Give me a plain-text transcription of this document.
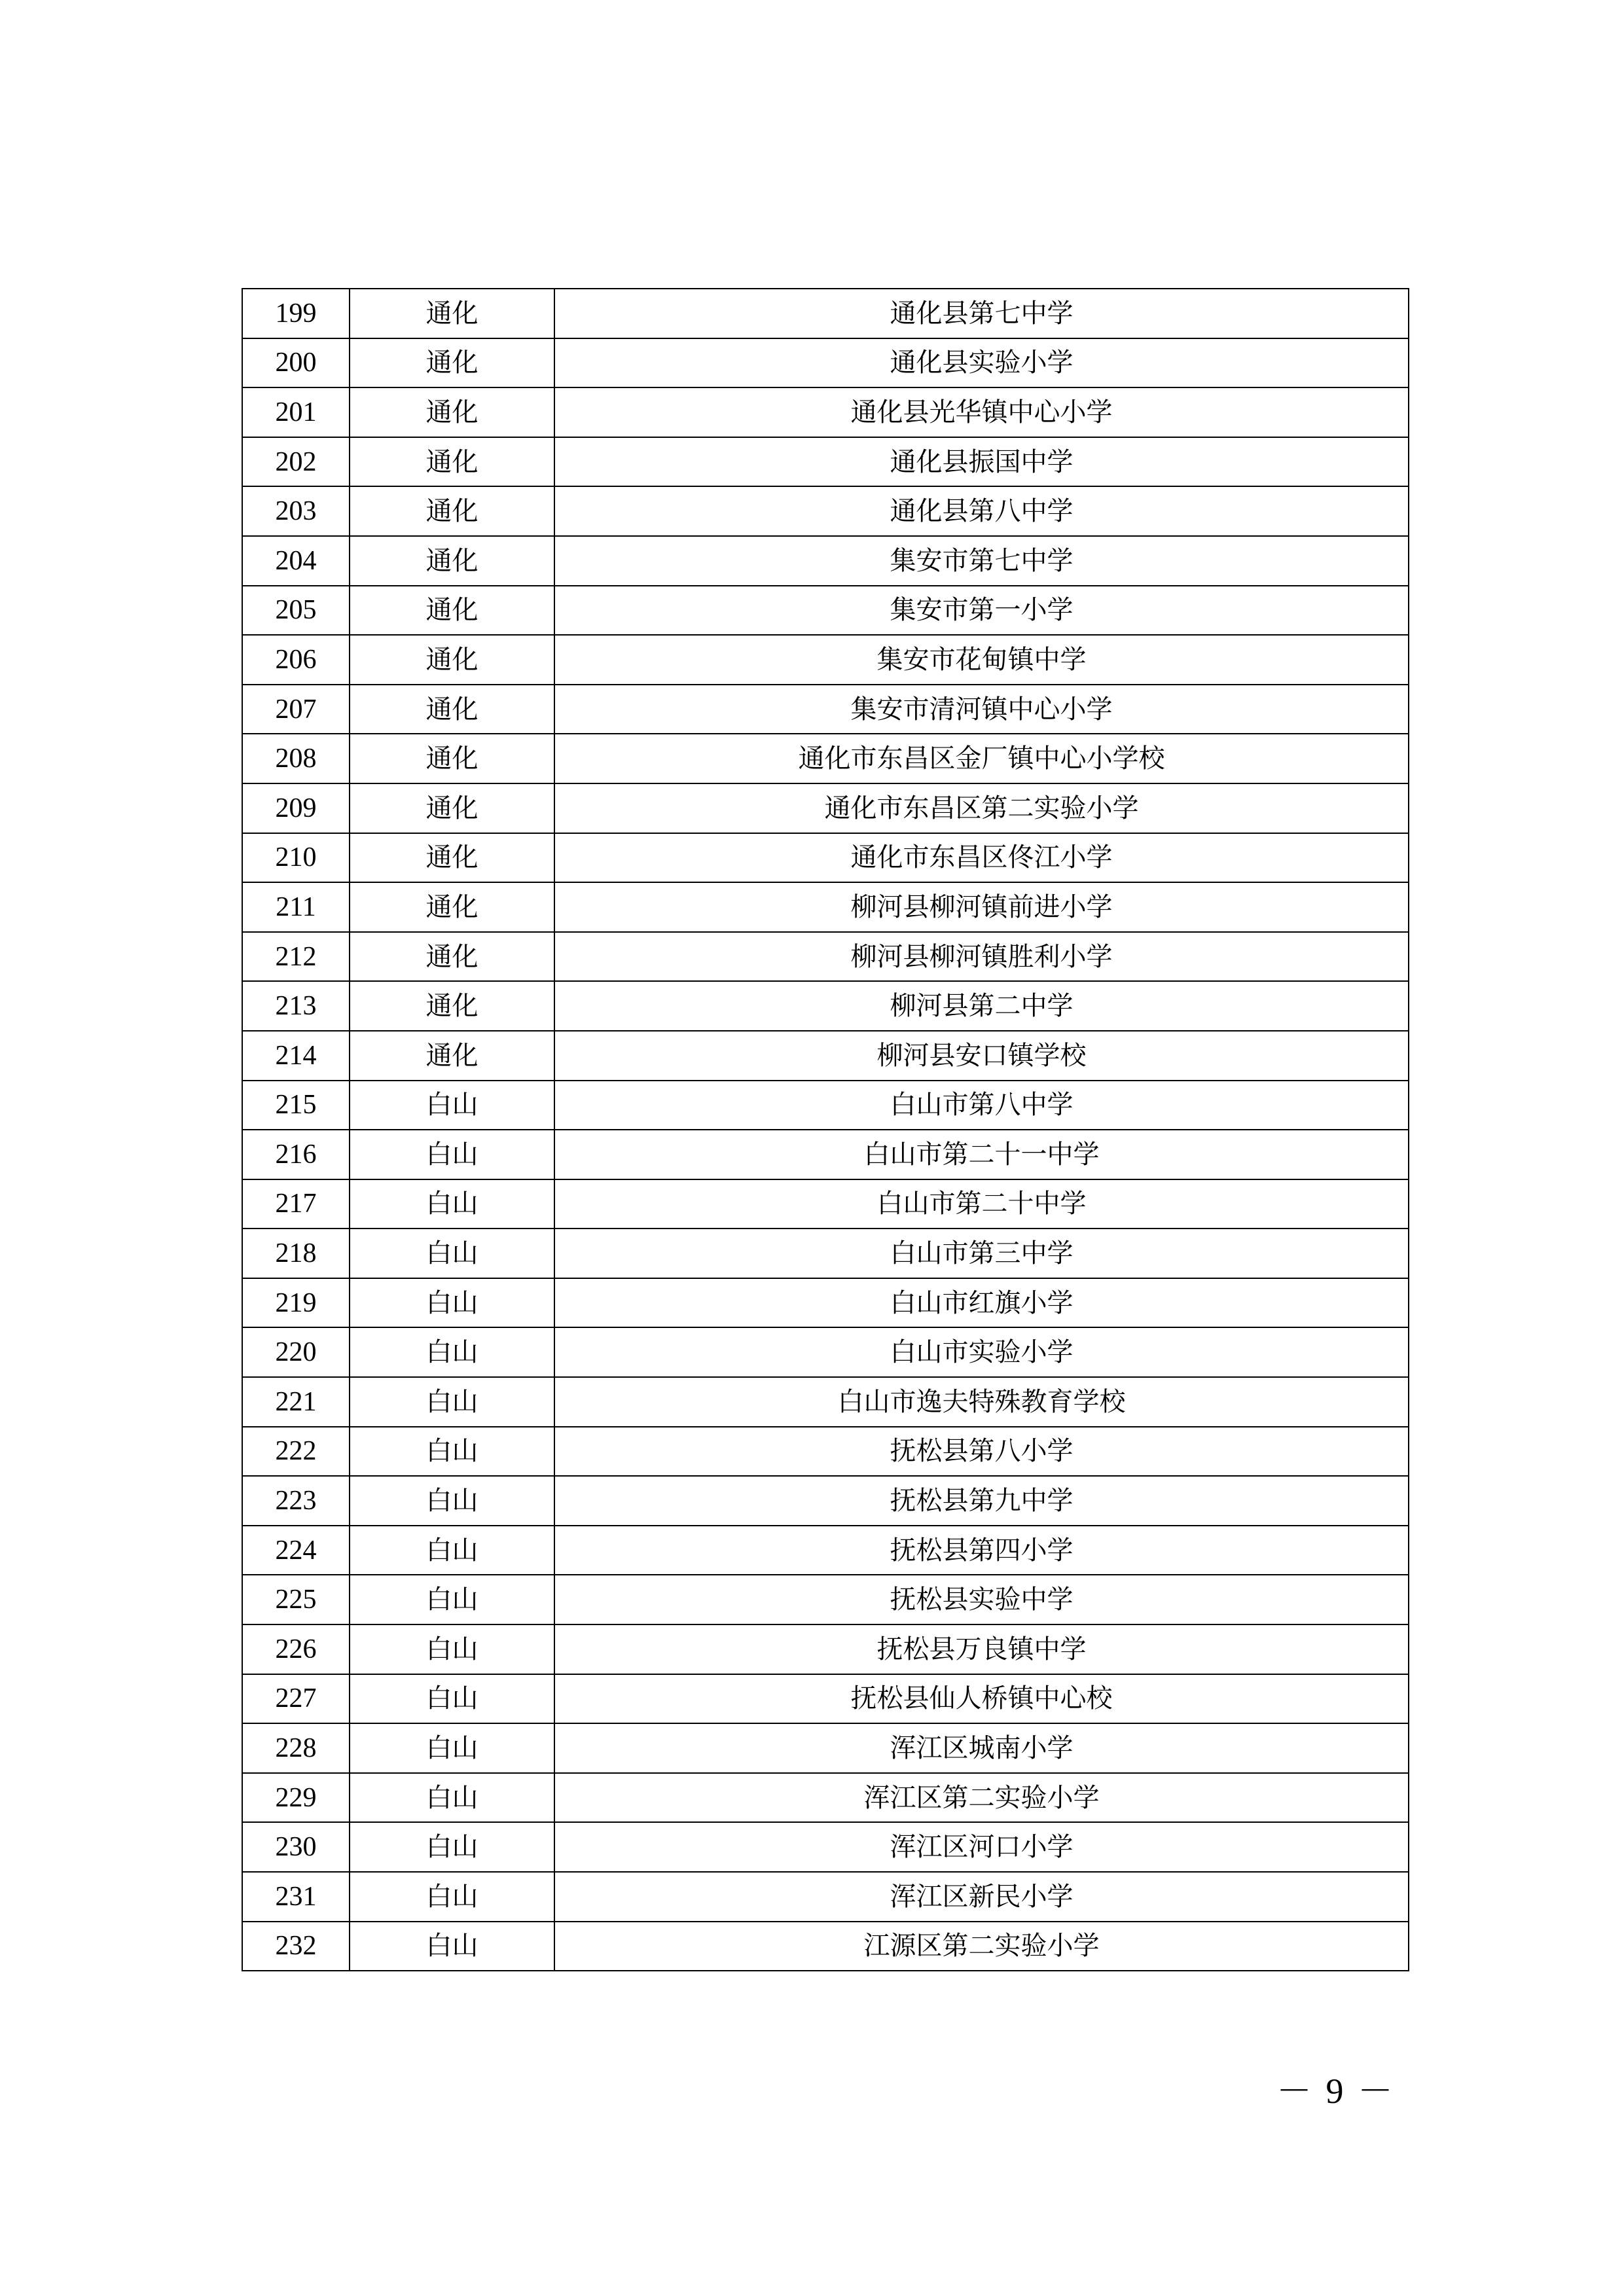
199	通化	通化县第七中学
200	通化	通化县实验小学
201	通化	通化县光华镇中心小学
202	通化	通化县振国中学
203	通化	通化县第八中学
204	通化	集安市第七中学
205	通化	集安市第一小学
206	通化	集安市花甸镇中学
207	通化	集安市清河镇中心小学
208	通化	通化市东昌区金厂镇中心小学校
209	通化	通化市东昌区第二实验小学
210	通化	通化市东昌区佟江小学
211	通化	柳河县柳河镇前进小学
212	通化	柳河县柳河镇胜利小学
213	通化	柳河县第二中学
214	通化	柳河县安口镇学校
215	白山	白山市第八中学
216	白山	白山市第二十一中学
217	白山	白山市第二十中学
218	白山	白山市第三中学
219	白山	白山市红旗小学
220	白山	白山市实验小学
221	白山	白山市逸夫特殊教育学校
222	白山	抚松县第八小学
223	白山	抚松县第九中学
224	白山	抚松县第四小学
225	白山	抚松县实验中学
226	白山	抚松县万良镇中学
227	白山	抚松县仙人桥镇中心校
228	白山	浑江区城南小学
229	白山	浑江区第二实验小学
230	白山	浑江区河口小学
231	白山	浑江区新民小学
232	白山	江源区第二实验小学
－ 9 －
